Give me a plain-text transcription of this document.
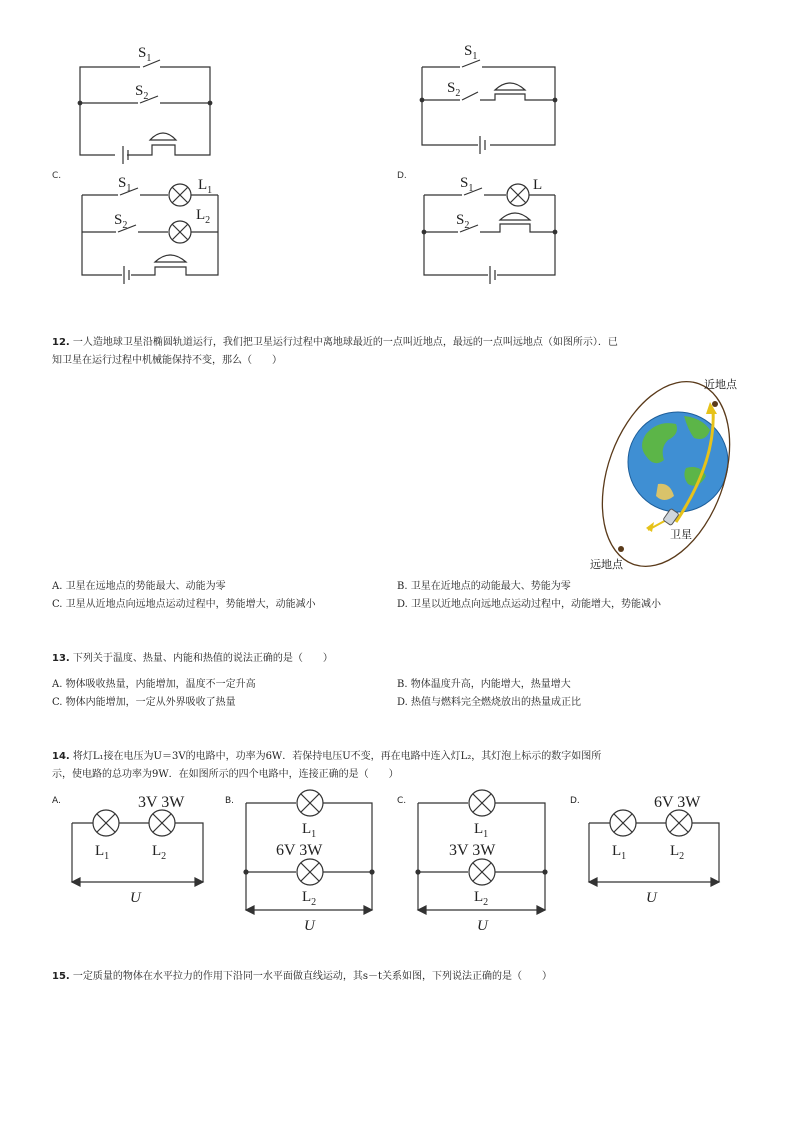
$S_1$
$S_2$
$S_1$
$S_2$
$S_1$
$S_2$
$L_1$
$L_2$
$S_1$
$S_2$
L
C.	D.
12. 一人造地球卫星沿椭圆轨道运行，我们把卫星运行过程中离地球最近的一点叫近地点，最远的一点叫远地点（如图所示）．已
知卫星在运行过程中机械能保持不变，那么（　　）
近地点
远地点
卫星
A. 卫星在远地点的势能最大、动能为零	B. 卫星在近地点的动能最大、势能为零
C. 卫星从近地点向远地点运动过程中，势能增大，动能减小	D. 卫星以近地点向远地点运动过程中，动能增大，势能减小
13. 下列关于温度、热量、内能和热值的说法正确的是（　　）
A. 物体吸收热量，内能增加，温度不一定升高	B. 物体温度升高，内能增大，热量增大
C. 物体内能增加，一定从外界吸收了热量	D. 热值与燃料完全燃烧放出的热量成正比
14. 将灯L₁接在电压为U＝3V的电路中，功率为6W．若保持电压U不变，再在电路中连入灯L₂，其灯泡上标示的数字如图所
示，使电路的总功率为9W．在如图所示的四个电路中，连接正确的是（　　）
A.	B.	C.	D.
3V 3W
$L_1$	$L_2$
U
$L_1$
6V 3W
$L_2$
U
$L_1$
3V 3W
$L_2$
U
6V 3W
$L_1$	$L_2$
U
15. 一定质量的物体在水平拉力的作用下沿同一水平面做直线运动，其s－t关系如图，下列说法正确的是（　　）
